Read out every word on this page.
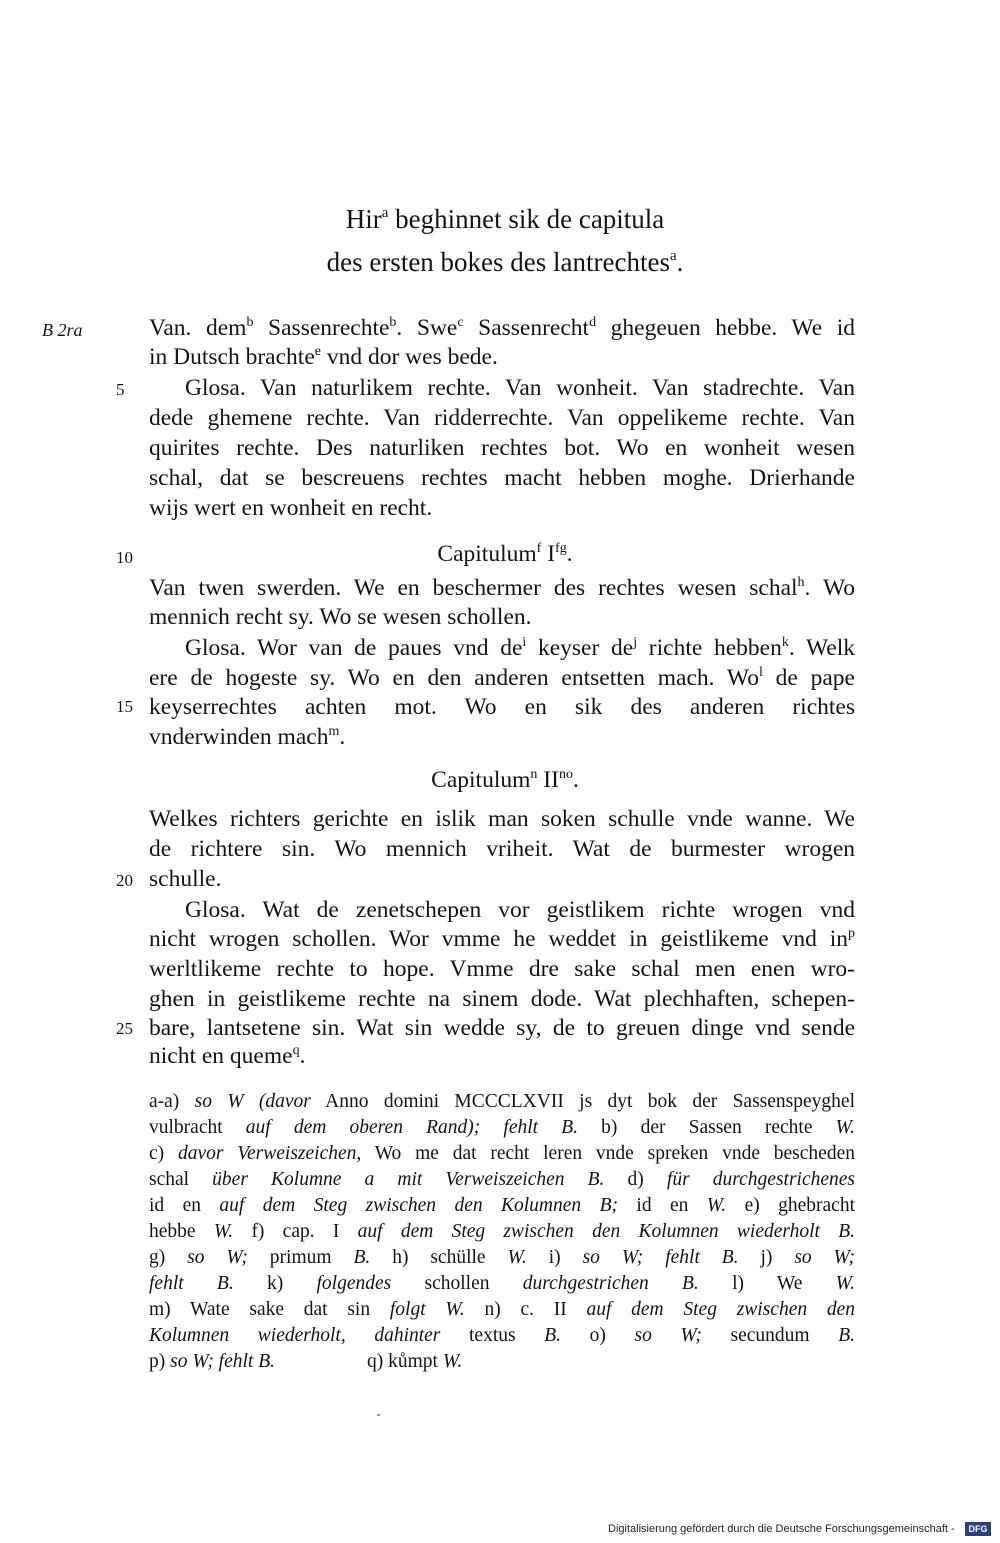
Hir$^a$ beghinnet sik de capitula
des ersten bokes des lantrechtes$^a$.
B 2ra
5
10
15
20
25
Van. dem$^b$ Sassenrechte$^b$. Swe$^c$ Sassenrecht$^d$ ghegeuen hebbe. We id
in Dutsch brachte$^e$ vnd dor wes bede.
Glosa. Van naturlikem rechte. Van wonheit. Van stadrechte. Van
dede ghemene rechte. Van ridderrechte. Van oppelikeme rechte. Van
quirites rechte. Des naturliken rechtes bot. Wo en wonheit wesen
schal, dat se bescreuens rechtes macht hebben moghe. Drierhande
wijs wert en wonheit en recht.
Capitulum$^f$ $I^{fg}$.
Van twen swerden. We en beschermer des rechtes wesen schal$^h$. Wo
mennich recht sy. Wo se wesen schollen.
Glosa. Wor van de paues vnd $de^i$ keyser $de^j$ richte hebben$^k$. Welk
ere de hogeste sy. Wo en den anderen entsetten mach. Wo$^l$ de pape
keyserrechtes achten mot. Wo en sik des anderen richtes
vnderwinden mach$^m$.
Capitulum$^n$ $II^{no}$.
Welkes richters gerichte en islik man soken schulle vnde wanne. We
de richtere sin. Wo mennich vriheit. Wat de burmester wrogen
schulle.
Glosa. Wat de zenetschepen vor geistlikem richte wrogen vnd
nicht wrogen schollen. Wor vmme he weddet in geistlikeme vnd $in^p$
werltlikeme rechte to hope. Vmme dre sake schal men enen wro-
ghen in geistlikeme rechte na sinem dode. Wat plechhaften, schepen-
bare, lantsetene sin. Wat sin wedde sy, de to greuen dinge vnd sende
nicht en queme$^q$.
a-a) so W (davor Anno domini MCCCLXVII js dyt bok der Sassenspeyghel
vulbracht auf dem oberen Rand); fehlt B. b) der Sassen rechte W.
c) davor Verweiszeichen, Wo me dat recht leren vnde spreken vnde bescheden
schal über Kolumne a mit Verweiszeichen B. d) für durchgestrichenes
id en auf dem Steg zwischen den Kolumnen B; id en W. e) ghebracht
hebbe W. f) cap. I auf dem Steg zwischen den Kolumnen wiederholt B.
g) so W; primum B. h) schülle W. i) so W; fehlt B. j) so W;
fehlt B. k) folgendes schollen durchgestrichen B. l) We W.
m) Wate sake dat sin folgt W. n) c. II auf dem Steg zwischen den
Kolumnen wiederholt, dahinter textus B. o) so W; secundum B.
p) so W; fehlt B.	q) kůmpt W.
Digitalisierung gefördert durch die Deutsche Forschungsgemeinschaft -	DFG
